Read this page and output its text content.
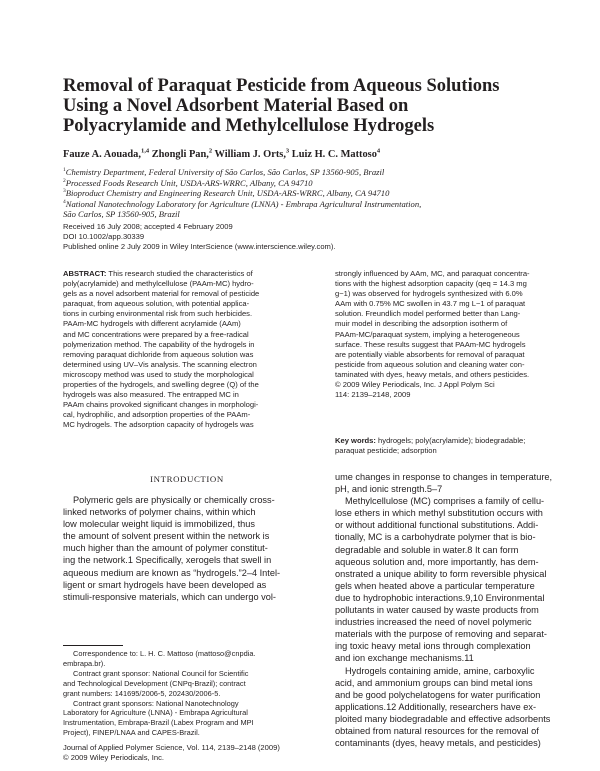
Removal of Paraquat Pesticide from Aqueous Solutions
Using a Novel Adsorbent Material Based on
Polyacrylamide and Methylcellulose Hydrogels
Fauze A. Aouada,$^{1,4}$ Zhongli Pan,$^2$ William J. Orts,$^3$ Luiz H. C. Mattoso$^4$
$^1$Chemistry Department, Federal University of São Carlos, São Carlos, SP 13560-905, Brazil
$^2$Processed Foods Research Unit, USDA-ARS-WRRC, Albany, CA 94710
$^3$Bioproduct Chemistry and Engineering Research Unit, USDA-ARS-WRRC, Albany, CA 94710
$^4$National Nanotechnology Laboratory for Agriculture (LNNA) - Embrapa Agricultural Instrumentation,
São Carlos, SP 13560-905, Brazil
Received 16 July 2008; accepted 4 February 2009
DOI 10.1002/app.30339
Published online 2 July 2009 in Wiley InterScience (www.interscience.wiley.com).
ABSTRACT: This research studied the characteristics of
poly(acrylamide) and methylcellulose (PAAm-MC) hydro-
gels as a novel adsorbent material for removal of pesticide
paraquat, from aqueous solution, with potential applica-
tions in curbing environmental risk from such herbicides.
PAAm-MC hydrogels with different acrylamide (AAm)
and MC concentrations were prepared by a free-radical
polymerization method. The capability of the hydrogels in
removing paraquat dichloride from aqueous solution was
determined using UV–Vis analysis. The scanning electron
microscopy method was used to study the morphological
properties of the hydrogels, and swelling degree (Q) of the
hydrogels was also measured. The entrapped MC in
PAAm chains provoked significant changes in morphologi-
cal, hydrophilic, and adsorption properties of the PAAm-
MC hydrogels. The adsorption capacity of hydrogels was
strongly influenced by AAm, MC, and paraquat concentra-
tions with the highest adsorption capacity (qeq = 14.3 mg
g−1) was observed for hydrogels synthesized with 6.0%
AAm with 0.75% MC swollen in 43.7 mg L−1 of paraquat
solution. Freundlich model performed better than Lang-
muir model in describing the adsorption isotherm of
PAAm-MC/paraquat system, implying a heterogeneous
surface. These results suggest that PAAm-MC hydrogels
are potentially viable absorbents for removal of paraquat
pesticide from aqueous solution and cleaning water con-
taminated with dyes, heavy metals, and others pesticides.
© 2009 Wiley Periodicals, Inc. J Appl Polym Sci
114: 2139–2148, 2009
Key words: hydrogels; poly(acrylamide); biodegradable;
paraquat pesticide; adsorption
INTRODUCTION
Polymeric gels are physically or chemically cross-
linked networks of polymer chains, within which
low molecular weight liquid is immobilized, thus
the amount of solvent present within the network is
much higher than the amount of polymer constitut-
ing the network.1 Specifically, xerogels that swell in
aqueous medium are known as “hydrogels.”2–4 Intel-
ligent or smart hydrogels have been developed as
stimuli-responsive materials, which can undergo vol-
ume changes in response to changes in temperature,
pH, and ionic strength.5–7
Methylcellulose (MC) comprises a family of cellu-
lose ethers in which methyl substitution occurs with
or without additional functional substitutions. Addi-
tionally, MC is a carbohydrate polymer that is bio-
degradable and soluble in water.8 It can form
aqueous solution and, more importantly, has dem-
onstrated a unique ability to form reversible physical
gels when heated above a particular temperature
due to hydrophobic interactions.9,10 Environmental
pollutants in water caused by waste products from
industries increased the need of novel polymeric
materials with the purpose of removing and separat-
ing toxic heavy metal ions through complexation
and ion exchange mechanisms.11
Hydrogels containing amide, amine, carboxylic
acid, and ammonium groups can bind metal ions
and be good polychelatogens for water purification
applications.12 Additionally, researchers have ex-
ploited many biodegradable and effective adsorbents
obtained from natural resources for the removal of
contaminants (dyes, heavy metals, and pesticides)
Correspondence to: L. H. C. Mattoso (mattoso@cnpdia.
embrapa.br).
Contract grant sponsor: National Council for Scientific
and Technological Development (CNPq-Brazil); contract
grant numbers: 141695/2006-5, 202430/2006-5.
Contract grant sponsors: National Nanotechnology
Laboratory for Agriculture (LNNA) - Embrapa Agricultural
Instrumentation, Embrapa-Brazil (Labex Program and MPI
Project), FINEP/LNAA and CAPES-Brazil.
Journal of Applied Polymer Science, Vol. 114, 2139–2148 (2009)
© 2009 Wiley Periodicals, Inc.
